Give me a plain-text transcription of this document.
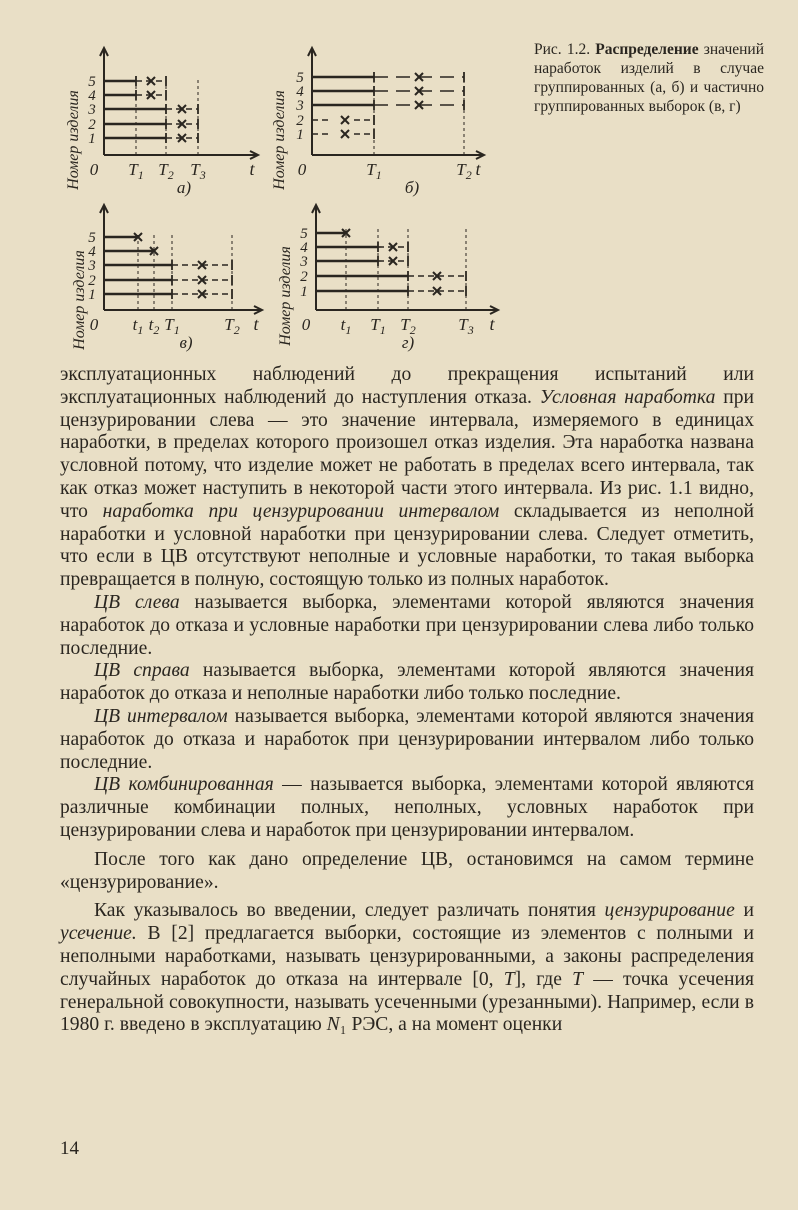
0	t
$T_1$ $T_2$ $T_3$
1
2
3
4
5
а)
0	t
$T_1$	$T_2$
1
2
3
4
5
б)
0	t
$t_1$ $t_2$ $T_1$	$T_2$
1
2
3
4
5
в)
0	t
$t_1$ $T_1$ $T_2$	$T_3$
1
2
3
4
5
г)
Номер изделия	Номер изделия
Номер изделия	Номер изделия
Рис. 1.2. Распределение значений наработок изделий в случае группированных (а, б) и частично группированных выборок (в, г)

эксплуатационных наблюдений до прекращения испытаний или эксплуатационных наблюдений до наступления отказа. Условная наработка при цензурировании слева — это значение интервала, измеряемого в единицах наработки, в пределах которого произошел отказ изделия. Эта наработка названа условной потому, что изделие может не работать в пределах всего интервала, так как отказ может наступить в некоторой части этого интервала. Из рис. 1.1 видно, что наработка при цензурировании интервалом складывается из неполной наработки и условной наработки при цензурировании слева. Следует отметить, что если в ЦВ отсутствуют неполные и условные наработки, то такая выборка превращается в полную, состоящую только из полных наработок.

ЦВ слева называется выборка, элементами которой являются значения наработок до отказа и условные наработки при цензурировании слева либо только последние.

ЦВ справа называется выборка, элементами которой являются значения наработок до отказа и неполные наработки либо только последние.

ЦВ интервалом называется выборка, элементами которой являются значения наработок до отказа и наработок при цензурировании интервалом либо только последние.

ЦВ комбинированная — называется выборка, элементами которой являются различные комбинации полных, неполных, условных наработок при цензурировании слева и наработок при цензурировании интервалом.

После того как дано определение ЦВ, остановимся на самом термине «цензурирование».

Как указывалось во введении, следует различать понятия цензурирование и усечение. В [2] предлагается выборки, состоящие из элементов с полными и неполными наработками, называть цензурированными, а законы распределения случайных наработок до отказа на интервале [0, T], где T — точка усечения генеральной совокупности, называть усеченными (урезанными). Например, если в 1980 г. введено в эксплуатацию N₁ РЭС, а на момент оценки

14
